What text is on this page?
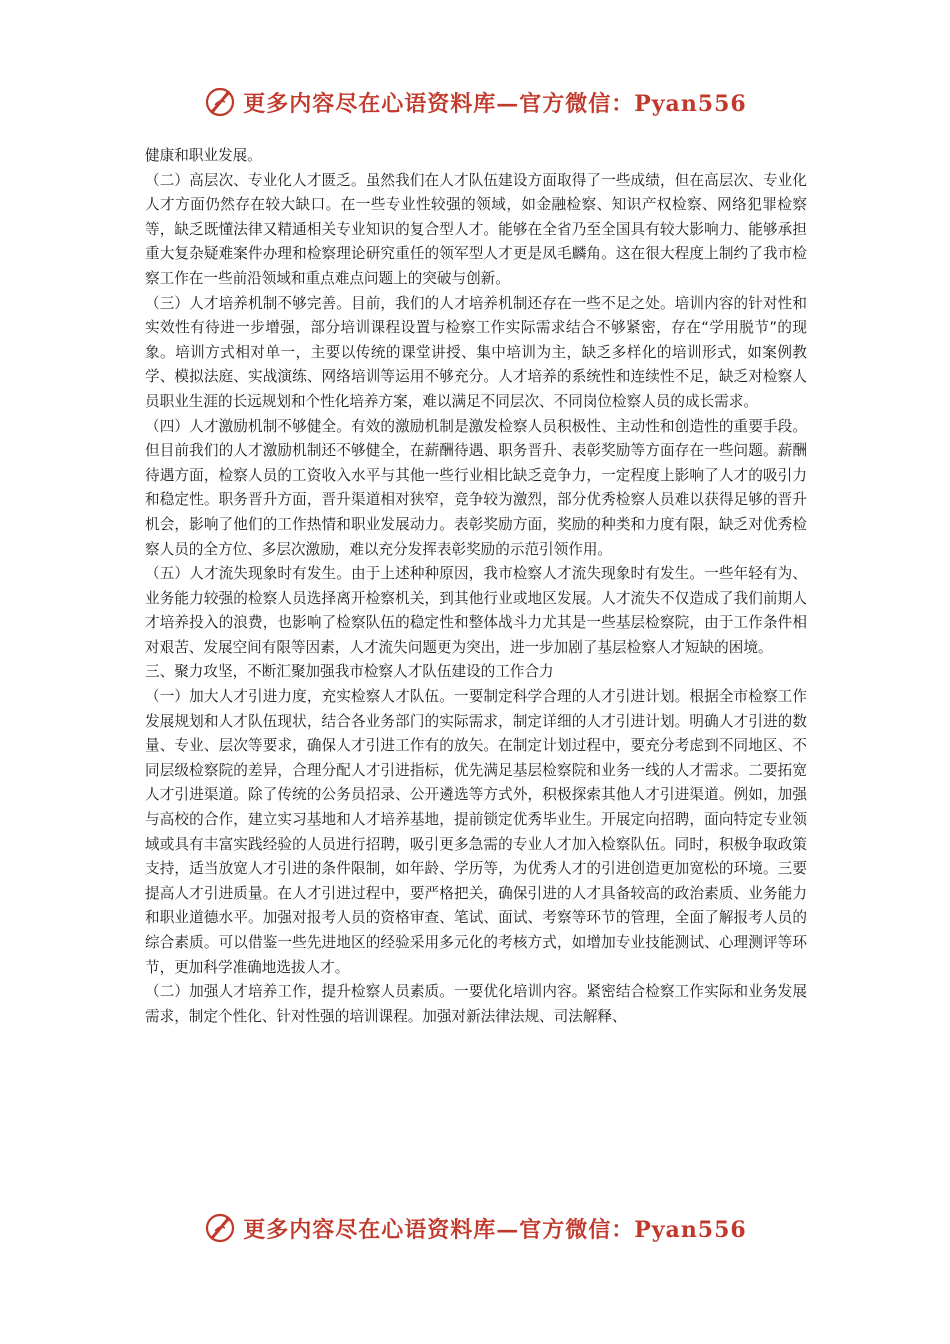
更多内容尽在心语资料库—官方微信：Pyan556

健康和职业发展。

（二）高层次、专业化人才匮乏。虽然我们在人才队伍建设方面取得了一些成绩，但在高层次、专业化人才方面仍然存在较大缺口。在一些专业性较强的领域，如金融检察、知识产权检察、网络犯罪检察等，缺乏既懂法律又精通相关专业知识的复合型人才。能够在全省乃至全国具有较大影响力、能够承担重大复杂疑难案件办理和检察理论研究重任的领军型人才更是凤毛麟角。这在很大程度上制约了我市检察工作在一些前沿领域和重点难点问题上的突破与创新。

（三）人才培养机制不够完善。目前，我们的人才培养机制还存在一些不足之处。培训内容的针对性和实效性有待进一步增强，部分培训课程设置与检察工作实际需求结合不够紧密，存在“学用脱节”的现象。培训方式相对单一，主要以传统的课堂讲授、集中培训为主，缺乏多样化的培训形式，如案例教学、模拟法庭、实战演练、网络培训等运用不够充分。人才培养的系统性和连续性不足，缺乏对检察人员职业生涯的长远规划和个性化培养方案，难以满足不同层次、不同岗位检察人员的成长需求。

（四）人才激励机制不够健全。有效的激励机制是激发检察人员积极性、主动性和创造性的重要手段。但目前我们的人才激励机制还不够健全，在薪酬待遇、职务晋升、表彰奖励等方面存在一些问题。薪酬待遇方面，检察人员的工资收入水平与其他一些行业相比缺乏竞争力，一定程度上影响了人才的吸引力和稳定性。职务晋升方面，晋升渠道相对狭窄，竞争较为激烈，部分优秀检察人员难以获得足够的晋升机会，影响了他们的工作热情和职业发展动力。表彰奖励方面，奖励的种类和力度有限，缺乏对优秀检察人员的全方位、多层次激励，难以充分发挥表彰奖励的示范引领作用。

（五）人才流失现象时有发生。由于上述种种原因，我市检察人才流失现象时有发生。一些年轻有为、业务能力较强的检察人员选择离开检察机关，到其他行业或地区发展。人才流失不仅造成了我们前期人才培养投入的浪费，也影响了检察队伍的稳定性和整体战斗力尤其是一些基层检察院，由于工作条件相对艰苦、发展空间有限等因素，人才流失问题更为突出，进一步加剧了基层检察人才短缺的困境。

三、聚力攻坚，不断汇聚加强我市检察人才队伍建设的工作合力

（一）加大人才引进力度，充实检察人才队伍。一要制定科学合理的人才引进计划。根据全市检察工作发展规划和人才队伍现状，结合各业务部门的实际需求，制定详细的人才引进计划。明确人才引进的数量、专业、层次等要求，确保人才引进工作有的放矢。在制定计划过程中，要充分考虑到不同地区、不同层级检察院的差异，合理分配人才引进指标，优先满足基层检察院和业务一线的人才需求。二要拓宽人才引进渠道。除了传统的公务员招录、公开遴选等方式外，积极探索其他人才引进渠道。例如，加强与高校的合作，建立实习基地和人才培养基地，提前锁定优秀毕业生。开展定向招聘，面向特定专业领域或具有丰富实践经验的人员进行招聘，吸引更多急需的专业人才加入检察队伍。同时，积极争取政策支持，适当放宽人才引进的条件限制，如年龄、学历等，为优秀人才的引进创造更加宽松的环境。三要提高人才引进质量。在人才引进过程中，要严格把关，确保引进的人才具备较高的政治素质、业务能力和职业道德水平。加强对报考人员的资格审查、笔试、面试、考察等环节的管理，全面了解报考人员的综合素质。可以借鉴一些先进地区的经验采用多元化的考核方式，如增加专业技能测试、心理测评等环节，更加科学准确地选拔人才。

（二）加强人才培养工作，提升检察人员素质。一要优化培训内容。紧密结合检察工作实际和业务发展需求，制定个性化、针对性强的培训课程。加强对新法律法规、司法解释、

更多内容尽在心语资料库—官方微信：Pyan556
